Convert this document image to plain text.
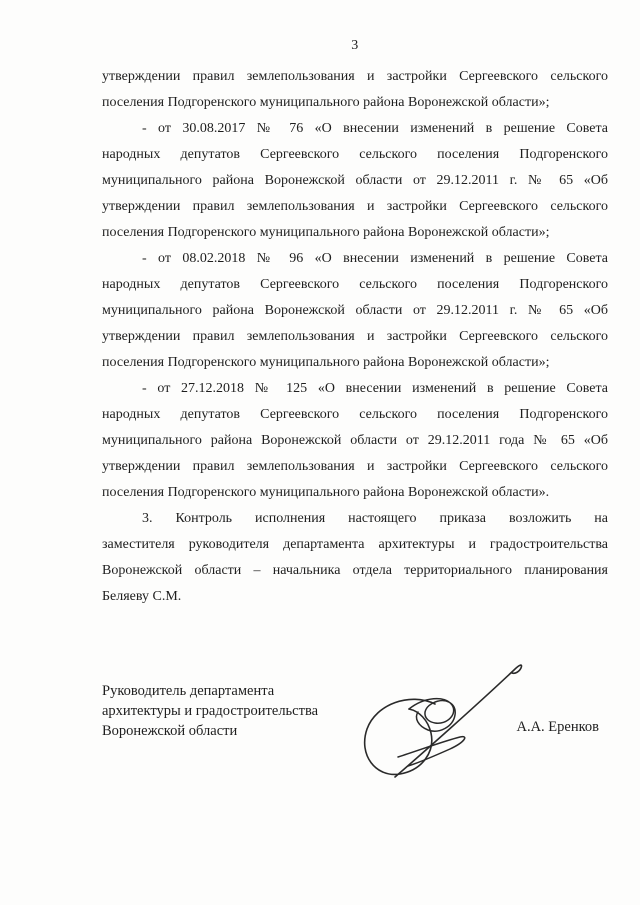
3

утверждении правил землепользования и застройки Сергеевского сельского
поселения Подгоренского муниципального района Воронежской области»;

- от 30.08.2017 № 76 «О внесении изменений в решение Совета
народных депутатов Сергеевского сельского поселения Подгоренского
муниципального района Воронежской области от 29.12.2011 г. № 65 «Об
утверждении правил землепользования и застройки Сергеевского сельского
поселения Подгоренского муниципального района Воронежской области»;

- от 08.02.2018 № 96 «О внесении изменений в решение Совета
народных депутатов Сергеевского сельского поселения Подгоренского
муниципального района Воронежской области от 29.12.2011 г. № 65 «Об
утверждении правил землепользования и застройки Сергеевского сельского
поселения Подгоренского муниципального района Воронежской области»;

- от 27.12.2018 № 125 «О внесении изменений в решение Совета
народных депутатов Сергеевского сельского поселения Подгоренского
муниципального района Воронежской области от 29.12.2011 года № 65 «Об
утверждении правил землепользования и застройки Сергеевского сельского
поселения Подгоренского муниципального района Воронежской области».

3. Контроль исполнения настоящего приказа возложить на
заместителя руководителя департамента архитектуры и градостроительства
Воронежской области – начальника отдела территориального планирования
Беляеву С.М.

Руководитель департамента
архитектуры и градостроительства
Воронежской области	А.А. Еренков
